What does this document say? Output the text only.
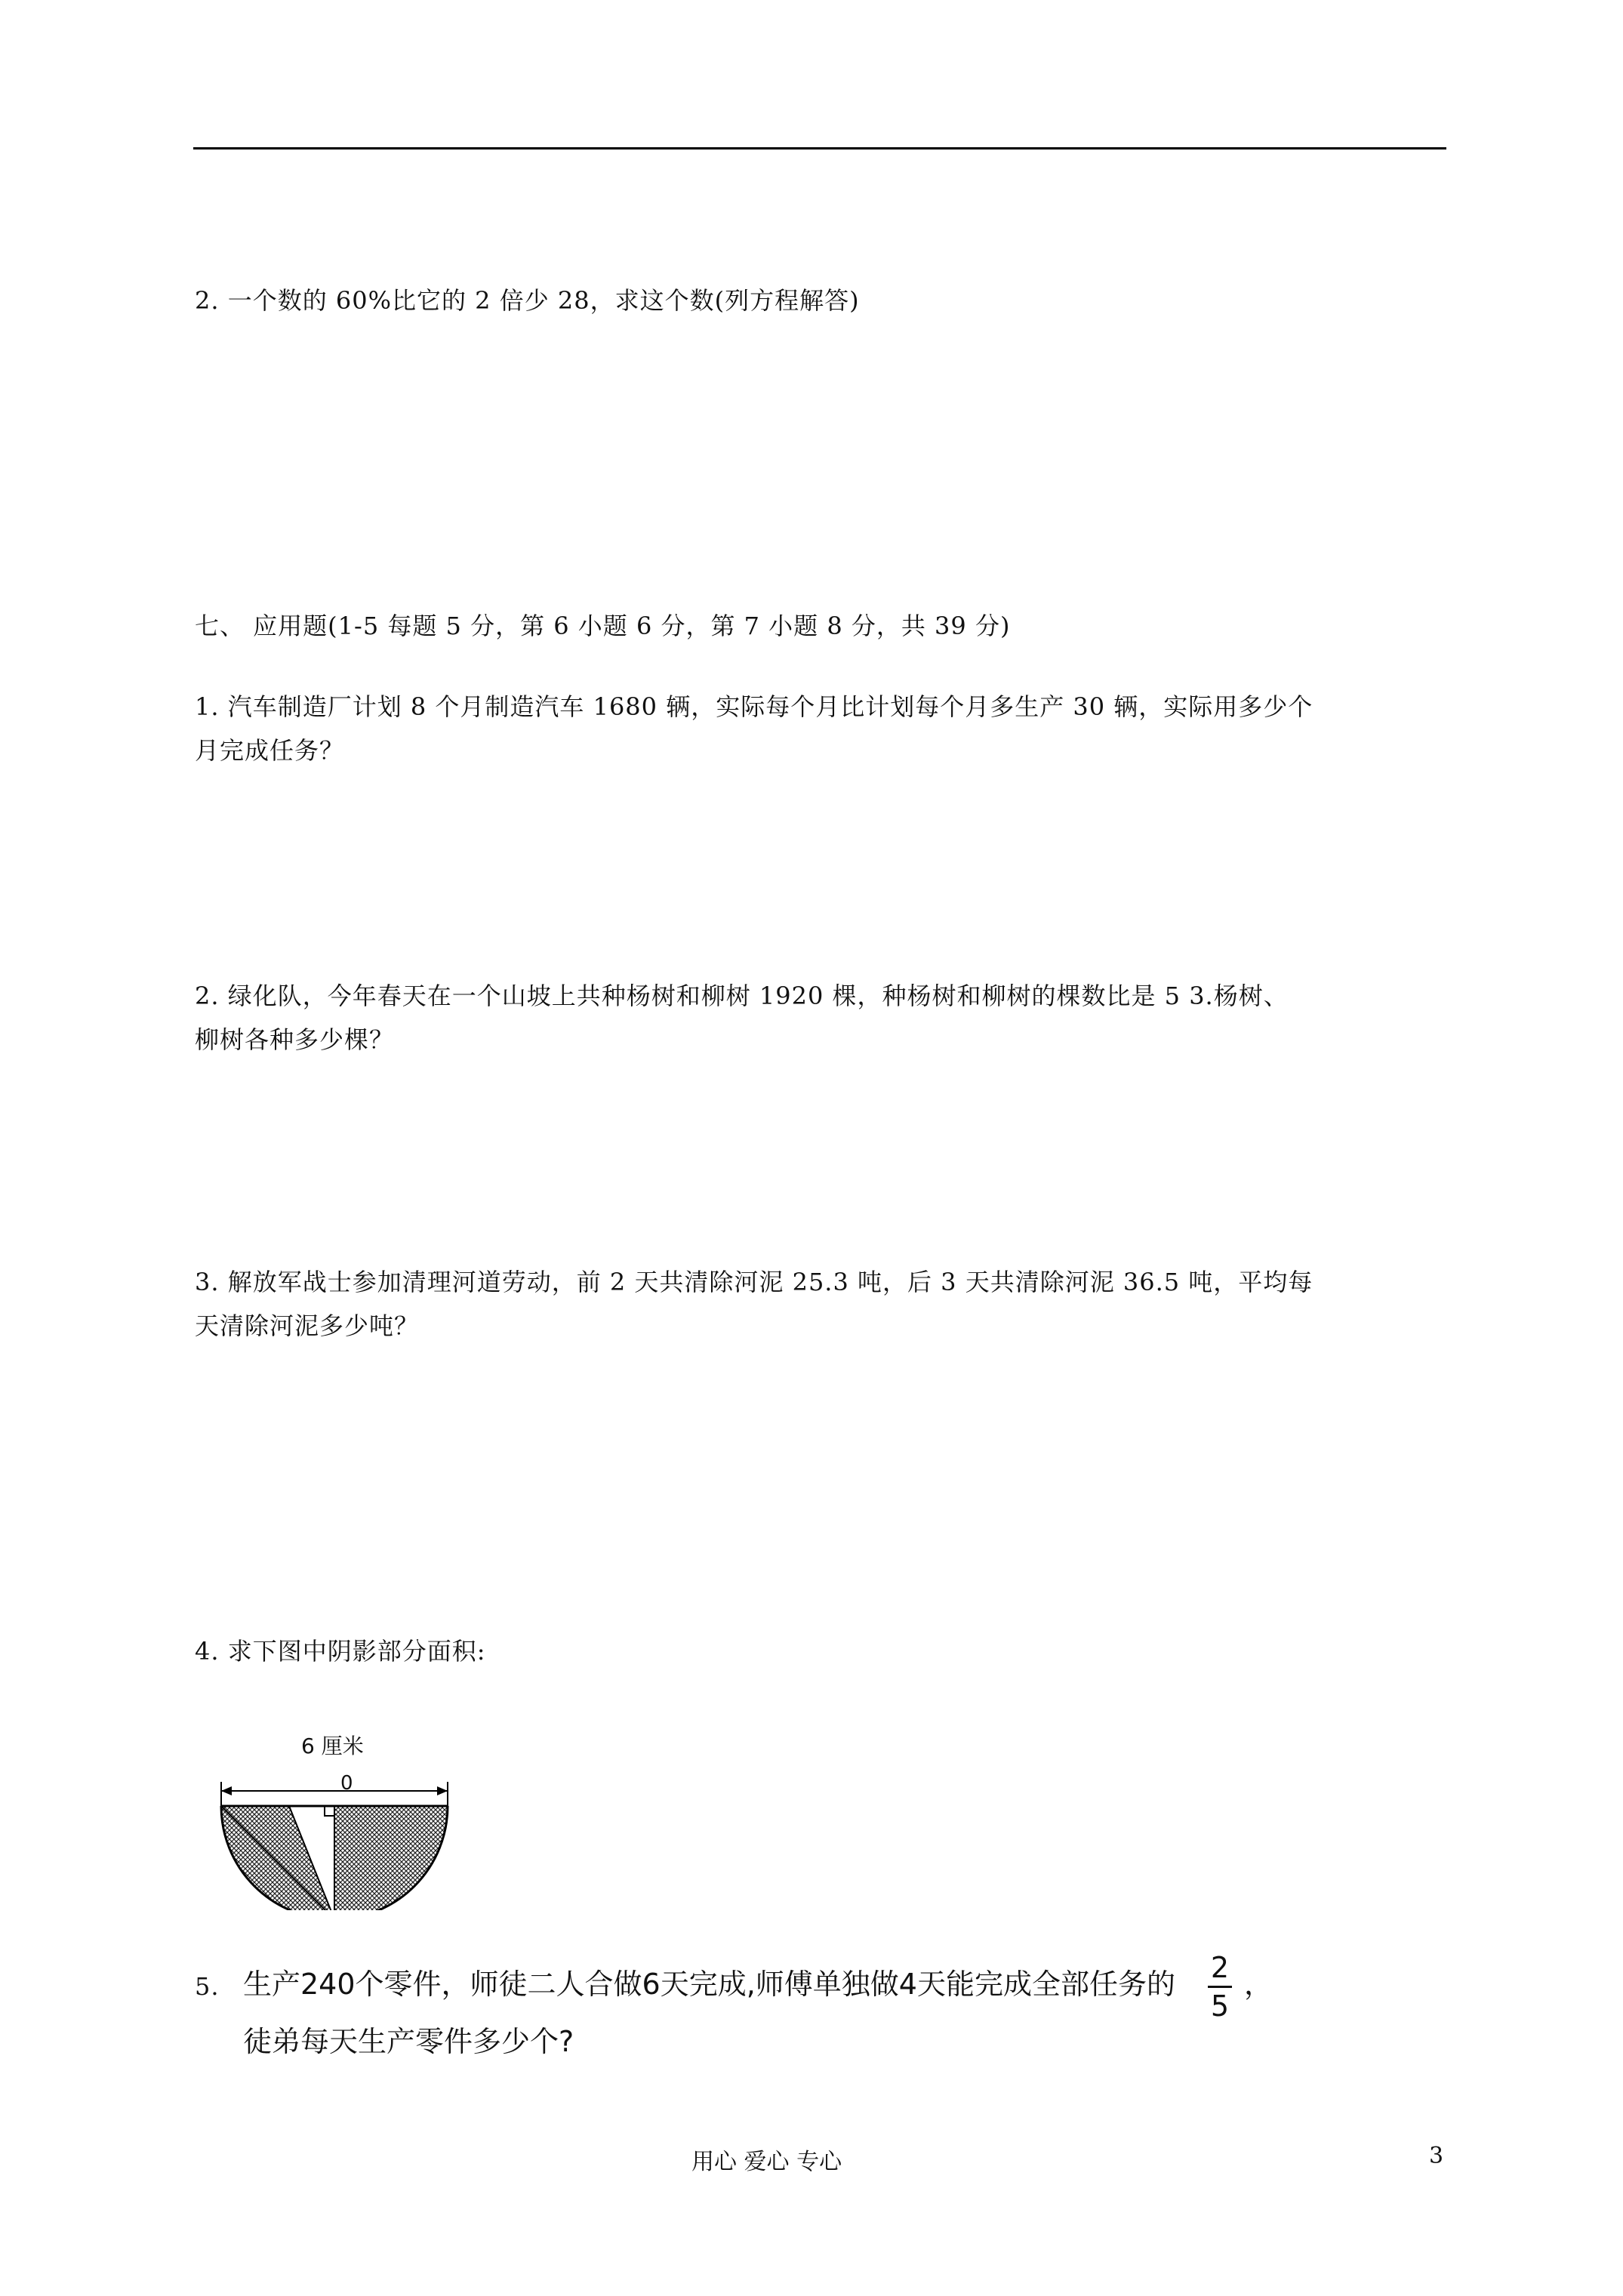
2. 一个数的 60%比它的 2 倍少 28，求这个数(列方程解答)
七、 应用题(1-5 每题 5 分，第 6 小题 6 分，第 7 小题 8 分，共 39 分)
1. 汽车制造厂计划 8 个月制造汽车 1680 辆，实际每个月比计划每个月多生产 30 辆，实际用多少个
月完成任务？
2. 绿化队，今年春天在一个山坡上共种杨树和柳树 1920 棵，种杨树和柳树的棵数比是 5 3.杨树、
柳树各种多少棵？
3. 解放军战士参加清理河道劳动，前 2 天共清除河泥 25.3 吨，后 3 天共清除河泥 36.5 吨，平均每
天清除河泥多少吨？
4. 求下图中阴影部分面积:
6 厘米
0
5. 生产240个零件，师徒二人合做6天完成,师傅单独做4天能完成全部任务的 2
5
，
徒弟每天生产零件多少个?
用心 爱心 专心	3
